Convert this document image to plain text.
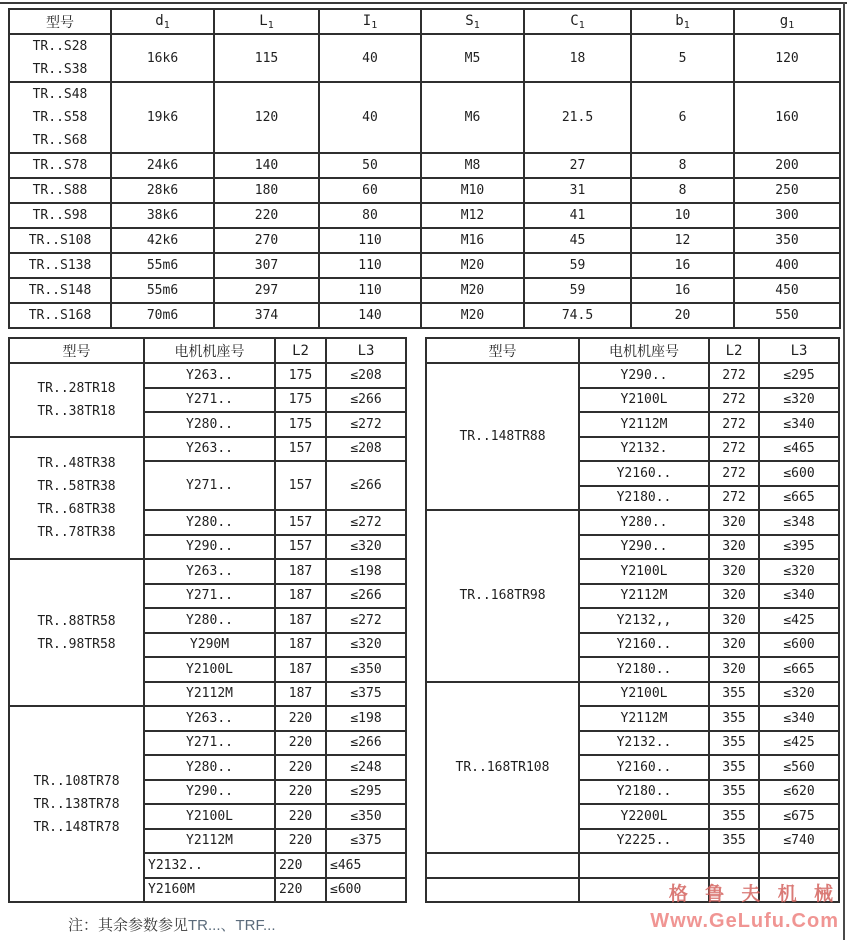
型号	$d_1$	$L_1$	$I_1$	$S_1$	$C_1$	$b_1$	$g_1$

TR..S28
TR..S38	16k6	115	40	M5	18	5	120

TR..S48
TR..S58
TR..S68	19k6	120	40	M6	21.5	6	160

TR..S78	24k6	140	50	M8	27	8	200

TR..S88	28k6	180	60	M10	31	8	250

TR..S98	38k6	220	80	M12	41	10	300

TR..S108	42k6	270	110	M16	45	12	350

TR..S138	55m6	307	110	M20	59	16	400

TR..S148	55m6	297	110	M20	59	16	450

TR..S168	70m6	374	140	M20	74.5	20	550
型号	电机机座号	L2	L3

TR..28TR18
TR..38TR18	Y263..	175	≤208
	Y271..	175	≤266
	Y280..	175	≤272

TR..48TR38
TR..58TR38
TR..68TR38
TR..78TR38	Y263..	157	≤208
	Y271..	157	≤266
	Y280..	157	≤272
	Y290..	157	≤320

TR..88TR58
TR..98TR58	Y263..	187	≤198
	Y271..	187	≤266
	Y280..	187	≤272
	Y290M	187	≤320
	Y2100L	187	≤350
	Y2112M	187	≤375

TR..108TR78
TR..138TR78
TR..148TR78	Y263..	220	≤198
	Y271..	220	≤266
	Y280..	220	≤248
	Y290..	220	≤295
	Y2100L	220	≤350
	Y2112M	220	≤375
	Y2132..	220	≤465
	Y2160M	220	≤600
型号	电机机座号	L2	L3

TR..148TR88	Y290..	272	≤295
	Y2100L	272	≤320
	Y2112M	272	≤340
	Y2132.	272	≤465
	Y2160..	272	≤600
	Y2180..	272	≤665

TR..168TR98	Y280..	320	≤348
	Y290..	320	≤395
	Y2100L	320	≤320
	Y2112M	320	≤340
	Y2132,,	320	≤425
	Y2160..	320	≤600
	Y2180..	320	≤665

TR..168TR108	Y2100L	355	≤320
	Y2112M	355	≤340
	Y2132..	355	≤425
	Y2160..	355	≤560
	Y2180..	355	≤620
	Y2200L	355	≤675
	Y2225..	355	≤740

注：其余参数参见TR...、TRF...
格 鲁 夫 机 械
Www.GeLufu.Com
